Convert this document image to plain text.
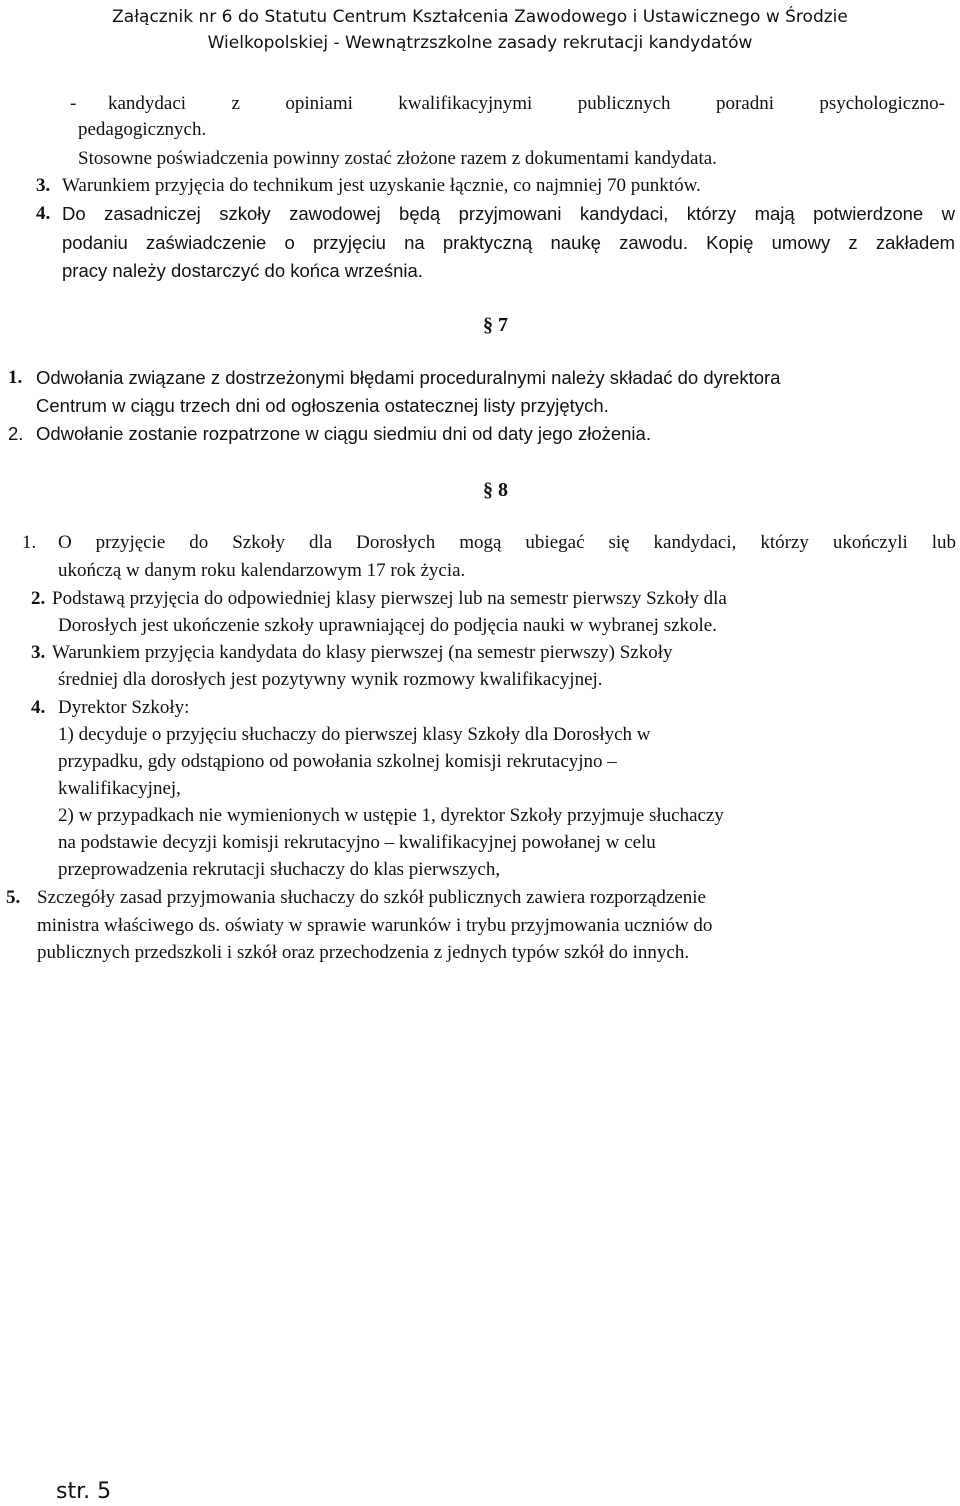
Załącznik nr 6 do Statutu Centrum Kształcenia Zawodowego i Ustawicznego w Środzie
Wielkopolskiej - Wewnątrzszkolne zasady rekrutacji kandydatów
- kandydaci z opiniami kwalifikacyjnymi publicznych poradni psychologiczno-
pedagogicznych.
Stosowne poświadczenia powinny zostać złożone razem z dokumentami kandydata.
3. Warunkiem przyjęcia do technikum jest uzyskanie łącznie, co najmniej 70 punktów.
4. Do zasadniczej szkoły zawodowej będą przyjmowani kandydaci, którzy mają potwierdzone w
podaniu zaświadczenie o przyjęciu na praktyczną naukę zawodu. Kopię umowy z zakładem
pracy należy dostarczyć do końca września.
§ 7
1. Odwołania związane z dostrzeżonymi błędami proceduralnymi należy składać do dyrektora
Centrum w ciągu trzech dni od ogłoszenia ostatecznej listy przyjętych.
2. Odwołanie zostanie rozpatrzone w ciągu siedmiu dni od daty jego złożenia.
§ 8
1. O przyjęcie do Szkoły dla Dorosłych mogą ubiegać się kandydaci, którzy ukończyli lub
ukończą w danym roku kalendarzowym 17 rok życia.
2. Podstawą przyjęcia do odpowiedniej klasy pierwszej lub na semestr pierwszy Szkoły dla
Dorosłych jest ukończenie szkoły uprawniającej do podjęcia nauki w wybranej szkole.
3. Warunkiem przyjęcia kandydata do klasy pierwszej (na semestr pierwszy) Szkoły
średniej dla dorosłych jest pozytywny wynik rozmowy kwalifikacyjnej.
4. Dyrektor Szkoły:
1) decyduje o przyjęciu słuchaczy do pierwszej klasy Szkoły dla Dorosłych w
przypadku, gdy odstąpiono od powołania szkolnej komisji rekrutacyjno –
kwalifikacyjnej,
2) w przypadkach nie wymienionych w ustępie 1, dyrektor Szkoły przyjmuje słuchaczy
na podstawie decyzji komisji rekrutacyjno – kwalifikacyjnej powołanej w celu
przeprowadzenia rekrutacji słuchaczy do klas pierwszych,
5. Szczegóły zasad przyjmowania słuchaczy do szkół publicznych zawiera rozporządzenie
ministra właściwego ds. oświaty w sprawie warunków i trybu przyjmowania uczniów do
publicznych przedszkoli i szkół oraz przechodzenia z jednych typów szkół do innych.
str. 5
